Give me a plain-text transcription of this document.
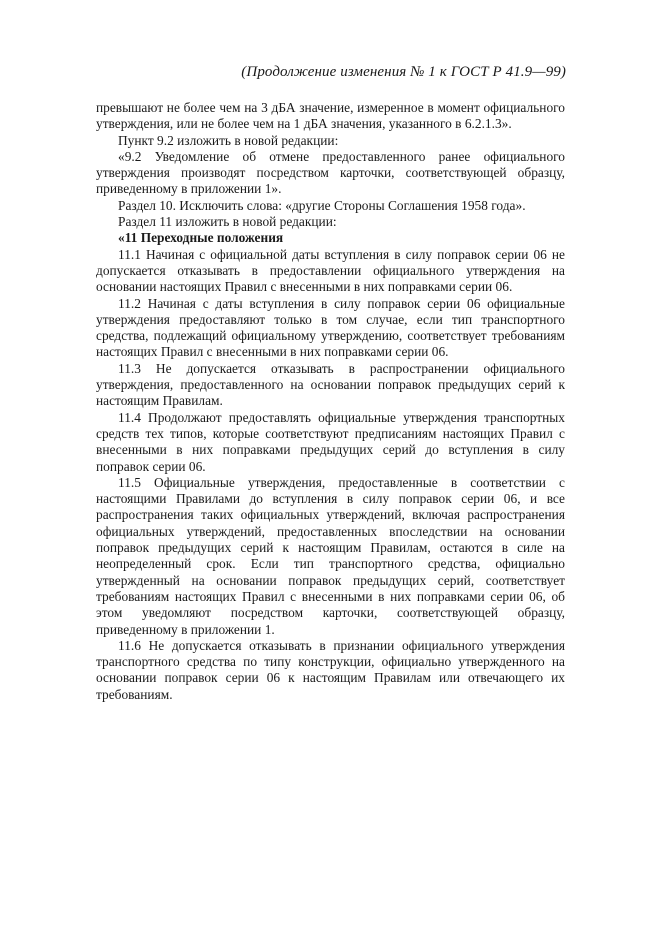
(Продолжение изменения № 1 к ГОСТ Р 41.9—99)

превышают не более чем на 3 дБА значение, измеренное в момент официального утверждения, или не более чем на 1 дБА значения, указанного в 6.2.1.3».

Пункт 9.2 изложить в новой редакции:

«9.2 Уведомление об отмене предоставленного ранее официального утверждения производят посредством карточки, соответствующей образцу, приведенному в приложении 1».

Раздел 10. Исключить слова: «другие Стороны Соглашения 1958 года».

Раздел 11 изложить в новой редакции:

«11 Переходные положения

11.1 Начиная с официальной даты вступления в силу поправок серии 06 не допускается отказывать в предоставлении официального утверждения на основании настоящих Правил с внесенными в них поправками серии 06.

11.2 Начиная с даты вступления в силу поправок серии 06 официальные утверждения предоставляют только в том случае, если тип транспортного средства, подлежащий официальному утверждению, соответствует требованиям настоящих Правил с внесенными в них поправками серии 06.

11.3 Не допускается отказывать в распространении официального утверждения, предоставленного на основании поправок предыдущих серий к настоящим Правилам.

11.4 Продолжают предоставлять официальные утверждения транспортных средств тех типов, которые соответствуют предписаниям настоящих Правил с внесенными в них поправками предыдущих серий до вступления в силу поправок серии 06.

11.5 Официальные утверждения, предоставленные в соответствии с настоящими Правилами до вступления в силу поправок серии 06, и все распространения таких официальных утверждений, включая распространения официальных утверждений, предоставленных впоследствии на основании поправок предыдущих серий к настоящим Правилам, остаются в силе на неопределенный срок. Если тип транспортного средства, официально утвержденный на основании поправок предыдущих серий, соответствует требованиям настоящих Правил с внесенными в них поправками серии 06, об этом уведомляют посредством карточки, соответствующей образцу, приведенному в приложении 1.

11.6 Не допускается отказывать в признании официального утверждения транспортного средства по типу конструкции, официально утвержденного на основании поправок серии 06 к настоящим Правилам или отвечающего их требованиям.
